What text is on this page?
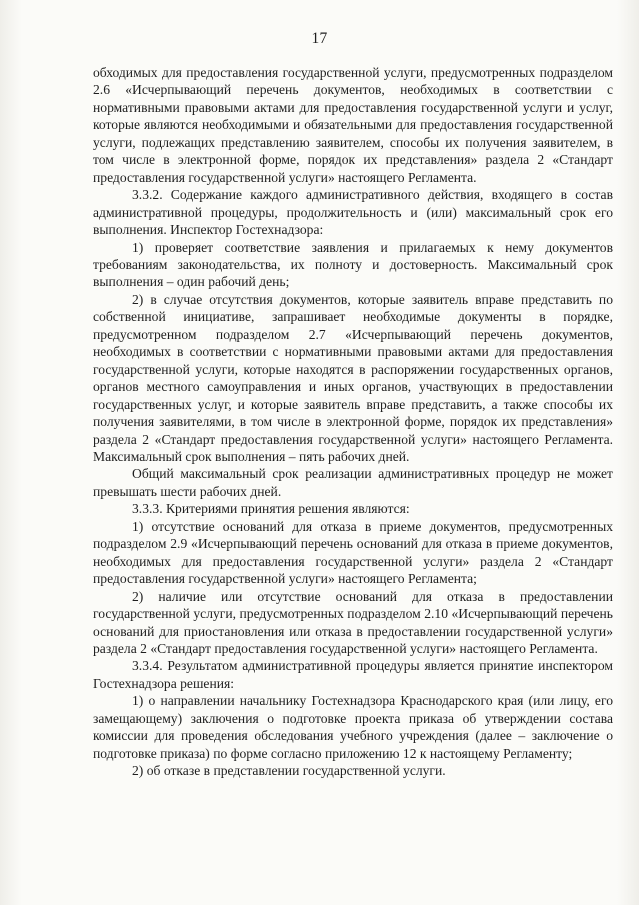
17

обходимых для предоставления государственной услуги, предусмотренных подразделом 2.6 «Исчерпывающий перечень документов, необходимых в соответствии с нормативными правовыми актами для предоставления государственной услуги и услуг, которые являются необходимыми и обязательными для предоставления государственной услуги, подлежащих представлению заявителем, способы их получения заявителем, в том числе в электронной форме, порядок их представления» раздела 2 «Стандарт предоставления государственной услуги» настоящего Регламента.

3.3.2. Содержание каждого административного действия, входящего в состав административной процедуры, продолжительность и (или) максимальный срок его выполнения. Инспектор Гостехнадзора:

1) проверяет соответствие заявления и прилагаемых к нему документов требованиям законодательства, их полноту и достоверность. Максимальный срок выполнения – один рабочий день;

2) в случае отсутствия документов, которые заявитель вправе представить по собственной инициативе, запрашивает необходимые документы в порядке, предусмотренном подразделом 2.7 «Исчерпывающий перечень документов, необходимых в соответствии с нормативными правовыми актами для предоставления государственной услуги, которые находятся в распоряжении государственных органов, органов местного самоуправления и иных органов, участвующих в предоставлении государственных услуг, и которые заявитель вправе представить, а также способы их получения заявителями, в том числе в электронной форме, порядок их представления» раздела 2 «Стандарт предоставления государственной услуги» настоящего Регламента. Максимальный срок выполнения – пять рабочих дней.

Общий максимальный срок реализации административных процедур не может превышать шести рабочих дней.

3.3.3. Критериями принятия решения являются:

1) отсутствие оснований для отказа в приеме документов, предусмотренных подразделом 2.9 «Исчерпывающий перечень оснований для отказа в приеме документов, необходимых для предоставления государственной услуги» раздела 2 «Стандарт предоставления государственной услуги» настоящего Регламента;

2) наличие или отсутствие оснований для отказа в предоставлении государственной услуги, предусмотренных подразделом 2.10 «Исчерпывающий перечень оснований для приостановления или отказа в предоставлении государственной услуги» раздела 2 «Стандарт предоставления государственной услуги» настоящего Регламента.

3.3.4. Результатом административной процедуры является принятие инспектором Гостехнадзора решения:

1) о направлении начальнику Гостехнадзора Краснодарского края (или лицу, его замещающему) заключения о подготовке проекта приказа об утверждении состава комиссии для проведения обследования учебного учреждения (далее – заключение о подготовке приказа) по форме согласно приложению 12 к настоящему Регламенту;

2) об отказе в представлении государственной услуги.
